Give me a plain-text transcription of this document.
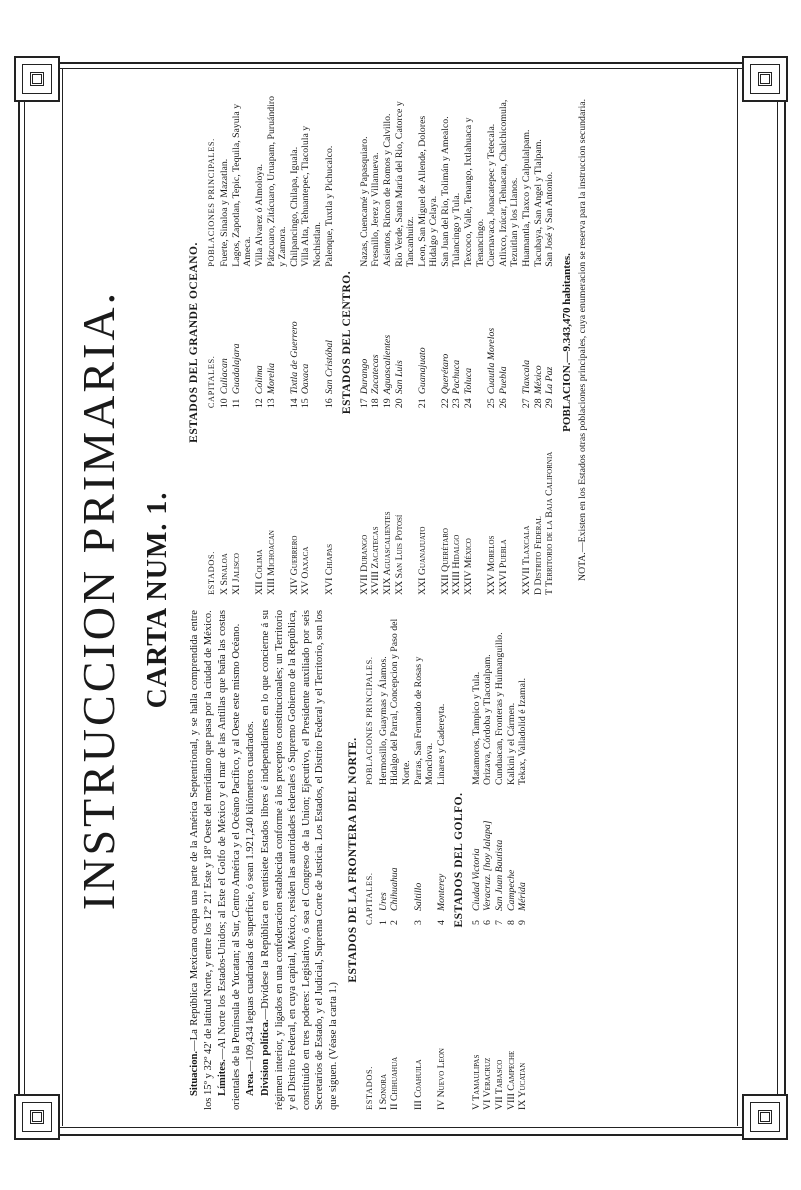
INSTRUCCION PRIMARIA. CARTA NUM. 1.

Situacion.—La República Mexicana ocupa una parte de la América Septentrional, y se halla comprendida entre los 15º y 32º 42' de latitud Norte, y entre los 12º 21' Este y 18º Oeste del meridiano que pasa por la ciudad de México. Límites.—Al Norte los Estados-Unidos; al Este el Golfo de México y el mar de las Antillas que baña las costas orientales de la Península de Yucatan; al Sur, Centro América y el Océano Pacífico, y al Oeste este mismo Océano. Area.—109,434 leguas cuadradas de superficie, ó sean 1.921,240 kilómetros cuadrados. Division política.—Divídese la República en ventisiete Estados libres é independientes en lo que concierne á su régimen interior, y ligados en una confederacion establecida conforme á los preceptos constitucionales; un Territorio y el Distrito Federal, en cuya capital, México, residen las autoridades federales ó Supremo Gobierno de la República, constituido en tres poderes: Legislativo, ó sea el Congreso de la Union; Ejecutivo, el Presidente auxiliado por seis Secretarios de Estado, y el Judicial, Suprema Corte de Justicia. Los Estados, el Distrito Federal y el Territorio, son los que siguen. (Véase la carta 1.)

ESTADOS DE LA FRONTERA DEL NORTE.
ESTADOS.	CAPITALES.	POBLACIONES PRINCIPALES.
I Sonora	1Ures	Hermosillo, Guaymas y Álamos.
II Chihuahua	2Chihuahua	Hidalgo del Parral, Concepcion y Paso del Norte.
III Coahuila	3Saltillo	Parras, San Fernando de Rosas y Monclova.
IV Nuevo Leon	4Monterey	Linares y Cadereyta.
ESTADOS DEL GOLFO.
V Tamaulipas	5Ciudad Victoria	Matamoros, Tampico y Tula.
VI Veracruz	6Veracruz. [hoy Jalapa]	Orizava, Córdoba y Tlacotalpam.
VII Tabasco	7San Juan Bautista	Cunduacan, Fronteras y Huimanguillo.
VIII Campeche	8Campeche	Kalkini y el Cármen.
IX Yucatan	9Mérida	Tekax, Valladolid é Izamal.
ESTADOS DEL GRANDE OCEANO.
ESTADOS.	CAPITALES.	POBLACIONES PRINCIPALES.
X Sinaloa	10Culiacan	Fuerte, Sinaloa y Mazatlan.
XI Jalisco	11Guadalajara	Lagos, Zapotlan, Tepic, Tequila, Sayula y Ameca.
XII Colima	12Colima	Villa Alvarez ó Almoloya.
XIII Michoacan	13Morelia	Pátzcuaro, Zitácuaro, Uruapam, Puruándiro y Zamora.
XIV Guerrero	14Tixtla de Guerrero	Chilpancingo, Chilapa, Iguala.
XV Oaxaca	15Oaxaca	Villa Alta, Tehuantepec, Tlacolula y Nochistlan.
XVI Chiapas	16San Cristóbal	Palenque, Tuxtla y Pichucalco.
ESTADOS DEL CENTRO.
XVII Durango	17Durango	Nazas, Cuencamé y Papasquiaro.
XVIII Zacatecas	18Zacatecas	Fresnillo, Jerez y Villanueva.
XIX Aguascalientes	19Aguascalientes	Asientos, Rincon de Romos y Calvillo.
XX San Luis Potosí	20San Luis	Rio Verde, Santa María del Rio, Catorce y Tancanhuitz.
XXI Guanajuato	21Guanajuato	Leon, San Miguel de Allende, Dolores Hidalgo y Celaya.
XXII Querétaro	22Querétaro	San Juan del Rio, Tolimán y Amealco.
XXIII Hidalgo	23Pachuca	Tulancingo y Tula.
XXIV México	24Toluca	Texcoco, Valle, Tenango, Ixtlahuaca y Tenancingo.
XXV Morelos	25Cuautla Morelos	Cuernavaca, Jonacatepec y Tetecala.
XXVI Puebla	26Puebla	Atlixco, Izúcar, Tehuacan, Chalchicomula, Tezuitlan y los Llanos.
XXVII Tlaxcala	27Tlaxcala	Huamantla, Tlaxco y Calpulalpam.
D Distrito Federal	28México	Tacubaya, San Angel y Tlalpam.
T Territorio de la Baja California	29La Paz	San José y San Antonio.
POBLACION.—9.343,470 habitantes. NOTA.—Existen en los Estados otras poblaciones principales, cuya enumeracion se reserva para la instruccion secundaria.
